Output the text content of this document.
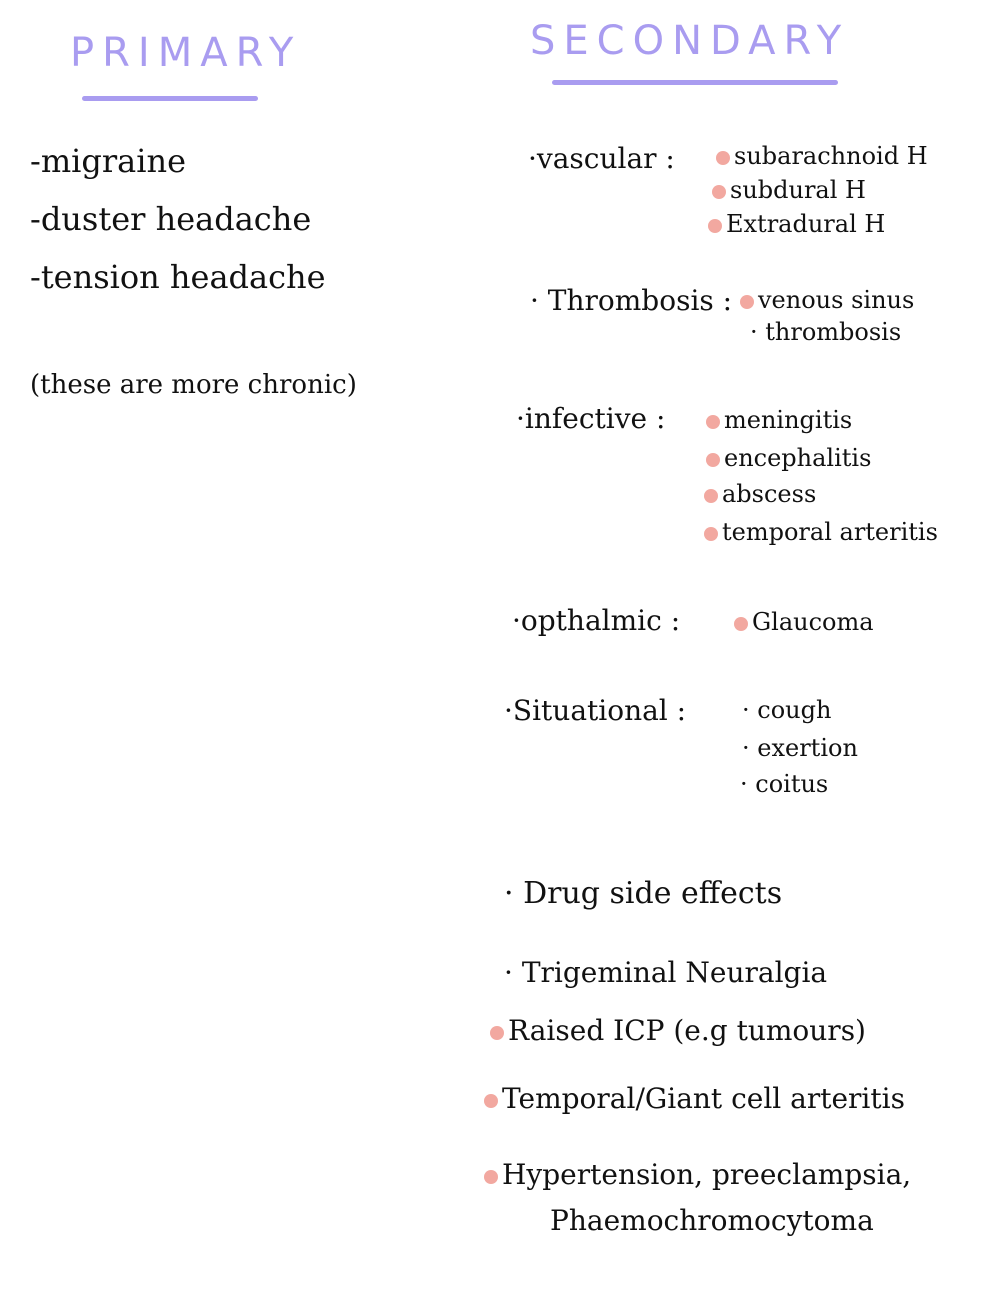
PRIMARY
-migraine
-duster headache
-tension headache
(these are more chronic)
SECONDARY
·vascular :	subarachnoid H
subdural H
Extradural H
· Thrombosis :	venous sinus
· thrombosis
·infective :	meningitis
encephalitis
abscess
temporal arteritis
·opthalmic :	Glaucoma
·Situational :
·	cough
· exertion
· coitus
· Drug side effects
· Trigeminal Neuralgia
Raised ICP (e.g tumours)
Temporal/Giant cell arteritis
Hypertension, preeclampsia,
Phaemochromocytoma
